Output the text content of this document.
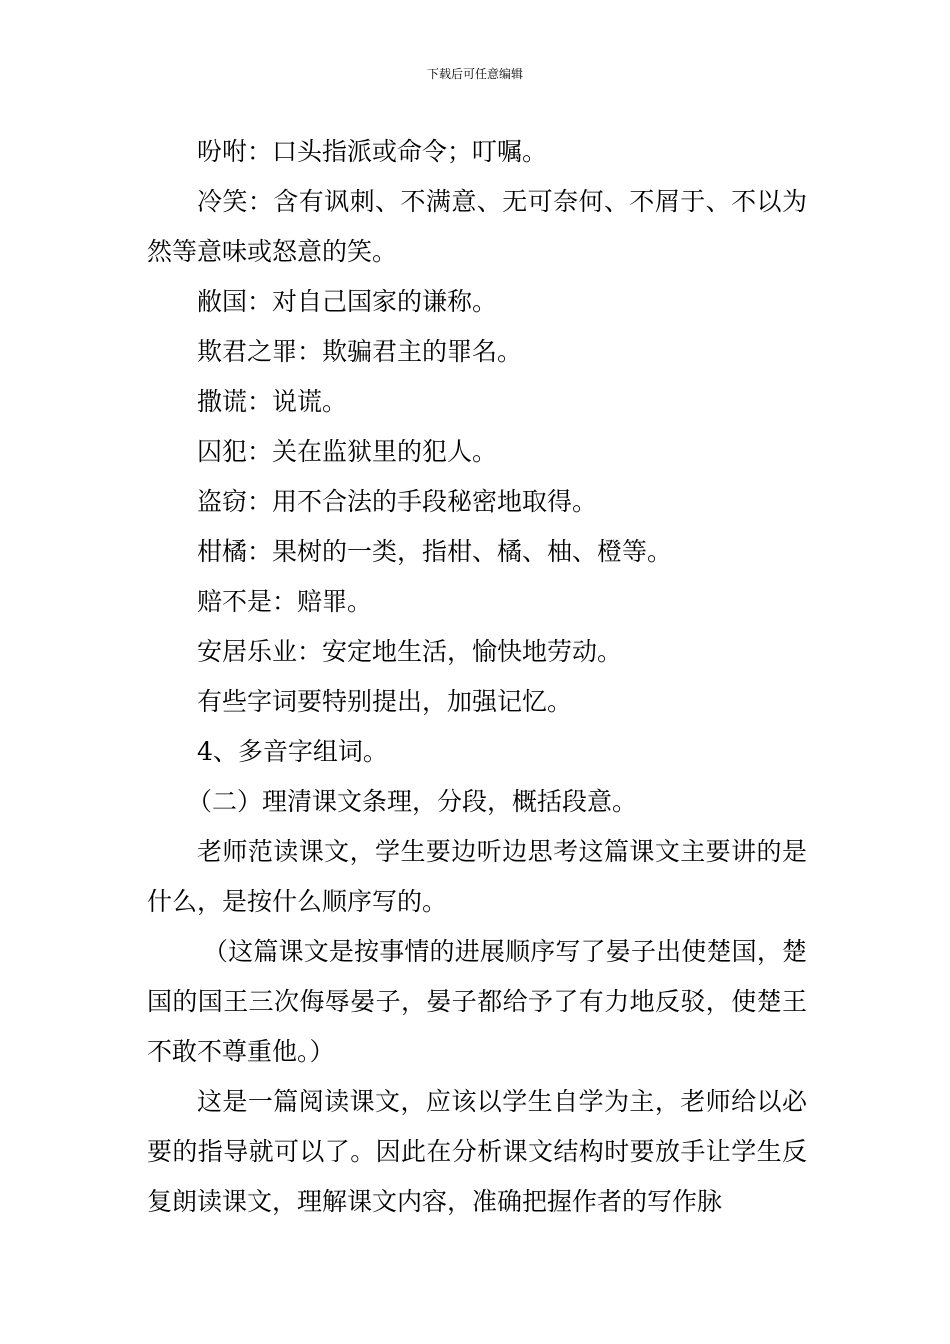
下载后可任意编辑

吩咐：口头指派或命令；叮嘱。

冷笑：含有讽刺、不满意、无可奈何、不屑于、不以为然等意味或怒意的笑。

敝国：对自己国家的谦称。

欺君之罪：欺骗君主的罪名。

撒谎：说谎。

囚犯：关在监狱里的犯人。

盗窃：用不合法的手段秘密地取得。

柑橘：果树的一类，指柑、橘、柚、橙等。

赔不是：赔罪。

安居乐业：安定地生活，愉快地劳动。

有些字词要特别提出，加强记忆。

4、多音字组词。

（二）理清课文条理，分段，概括段意。

老师范读课文，学生要边听边思考这篇课文主要讲的是什么，是按什么顺序写的。

（这篇课文是按事情的进展顺序写了晏子出使楚国，楚国的国王三次侮辱晏子，晏子都给予了有力地反驳，使楚王不敢不尊重他。）

这是一篇阅读课文，应该以学生自学为主，老师给以必要的指导就可以了。因此在分析课文结构时要放手让学生反复朗读课文，理解课文内容，准确把握作者的写作脉
